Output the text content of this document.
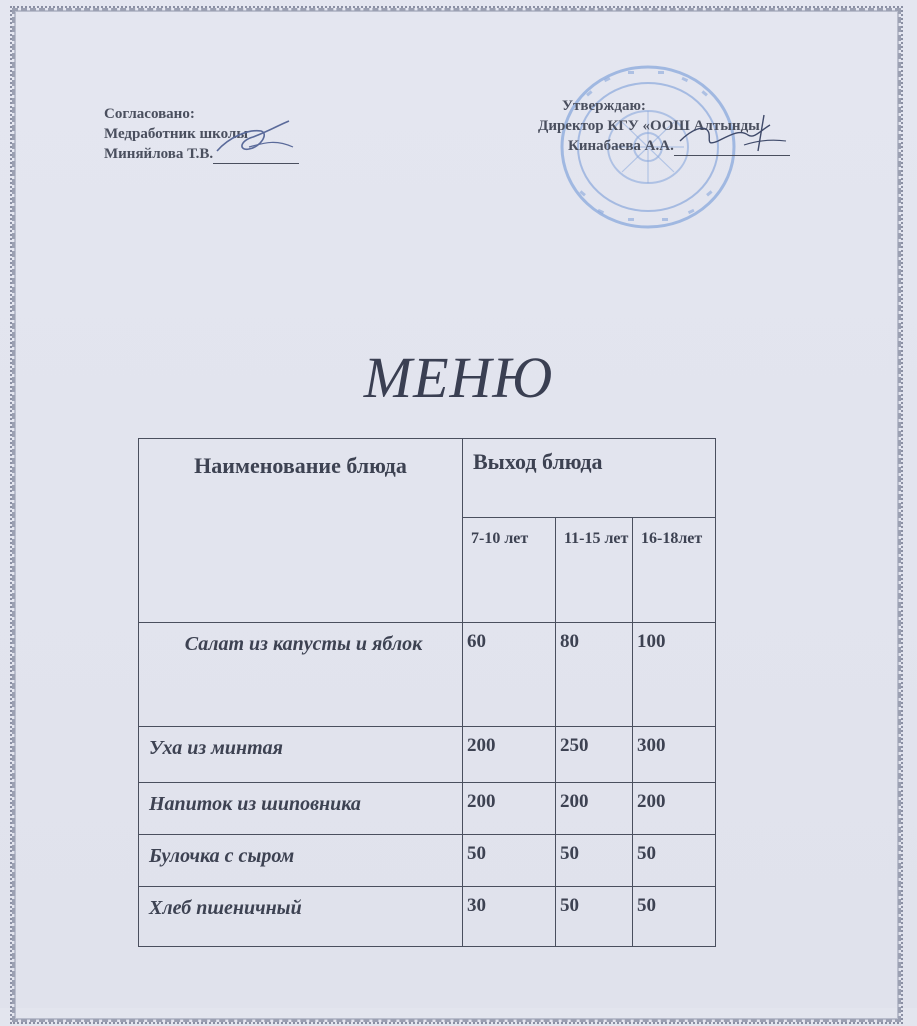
Согласовано:
Медработник школы
Миняйлова Т.В.
Утверждаю:
Директор КГУ «ООШ Алтынды
Кинабаева А.А.
МЕНЮ
Наименование блюда	Выход блюда		
	7-10 лет	11-15 лет	16-18лет
Салат из капусты и яблок	60	80	100
Уха из минтая	200	250	300
Напиток из шиповника	200	200	200
Булочка с сыром	50	50	50
Хлеб пшеничный	30	50	50
